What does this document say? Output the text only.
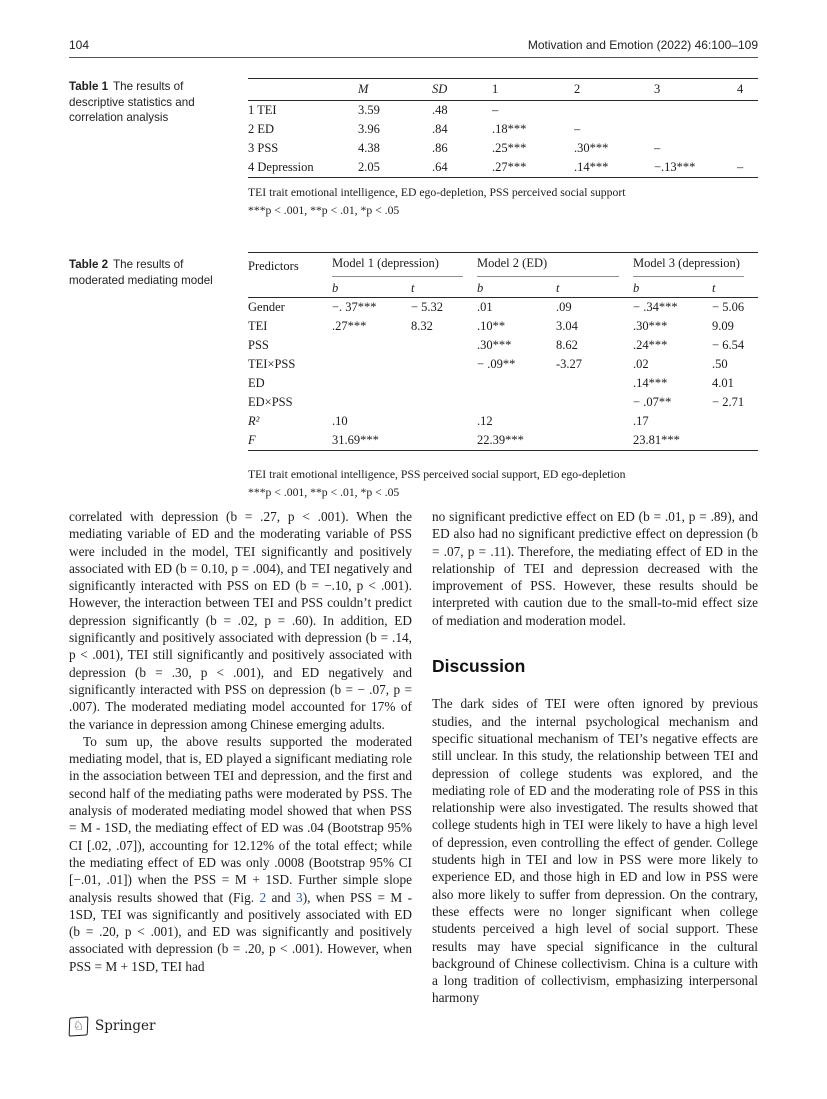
104	Motivation and Emotion (2022) 46:100–109
Table 1 The results of descriptive statistics and correlation analysis
	M	SD	1	2	3	4
1 TEI	3.59	.48	–			
2 ED	3.96	.84	.18***	–		
3 PSS	4.38	.86	.25***	.30***	–	
4 Depression	2.05	.64	.27***	.14***	−.13***	–
TEI trait emotional intelligence, ED ego-depletion, PSS perceived social support
***p < .001, **p < .01, *p < .05
Table 2 The results of moderated mediating model
Predictors	Model 1 (depression)		Model 2 (ED)		Model 3 (depression)	
	b	t	b	t	b	t
Gender	−. 37***	− 5.32	.01	.09	− .34***	− 5.06
TEI	.27***	8.32	.10**	3.04	.30***	9.09
PSS			.30***	8.62	.24***	− 6.54
TEI×PSS			− .09**	-3.27	.02	.50
ED					.14***	4.01
ED×PSS					− .07**	− 2.71
R²	.10		.12		.17	
F	31.69***		22.39***		23.81***	
TEI trait emotional intelligence, PSS perceived social support, ED ego-depletion
***p < .001, **p < .01, *p < .05

correlated with depression (b = .27, p < .001). When the mediating variable of ED and the moderating variable of PSS were included in the model, TEI significantly and positively associated with ED (b = 0.10, p = .004), and TEI negatively and significantly interacted with PSS on ED (b = −.10, p < .001). However, the interaction between TEI and PSS couldn’t predict depression significantly (b = .02, p = .60). In addition, ED significantly and positively associated with depression (b = .14, p < .001), TEI still significantly and positively associated with depression (b = .30, p < .001), and ED negatively and significantly interacted with PSS on depression (b = − .07, p = .007). The moderated mediating model accounted for 17% of the variance in depression among Chinese emerging adults.

To sum up, the above results supported the moderated mediating model, that is, ED played a significant mediating role in the association between TEI and depression, and the first and second half of the mediating paths were moderated by PSS. The analysis of moderated mediating model showed that when PSS = M - 1SD, the mediating effect of ED was .04 (Bootstrap 95% CI [.02, .07]), accounting for 12.12% of the total effect; while the mediating effect of ED was only .0008 (Bootstrap 95% CI [−.01, .01]) when the PSS = M + 1SD. Further simple slope analysis results showed that (Fig. 2 and 3), when PSS = M - 1SD, TEI was significantly and positively associated with ED (b = .20, p < .001), and ED was significantly and positively associated with depression (b = .20, p < .001). However, when PSS = M + 1SD, TEI had

no significant predictive effect on ED (b = .01, p = .89), and ED also had no significant predictive effect on depression (b = .07, p = .11). Therefore, the mediating effect of ED in the relationship of TEI and depression decreased with the improvement of PSS. However, these results should be interpreted with caution due to the small-to-mid effect size of mediation and moderation model.

Discussion

The dark sides of TEI were often ignored by previous studies, and the internal psychological mechanism and specific situational mechanism of TEI’s negative effects are still unclear. In this study, the relationship between TEI and depression of college students was explored, and the mediating role of ED and the moderating role of PSS in this relationship were also investigated. The results showed that college students high in TEI were likely to have a high level of depression, even controlling the effect of gender. College students high in TEI and low in PSS were more likely to experience ED, and those high in ED and low in PSS were also more likely to suffer from depression. On the contrary, these effects were no longer significant when college students perceived a high level of social support. These results may have special significance in the cultural background of Chinese collectivism. China is a culture with a long tradition of collectivism, emphasizing interpersonal harmony

♘ Springer
